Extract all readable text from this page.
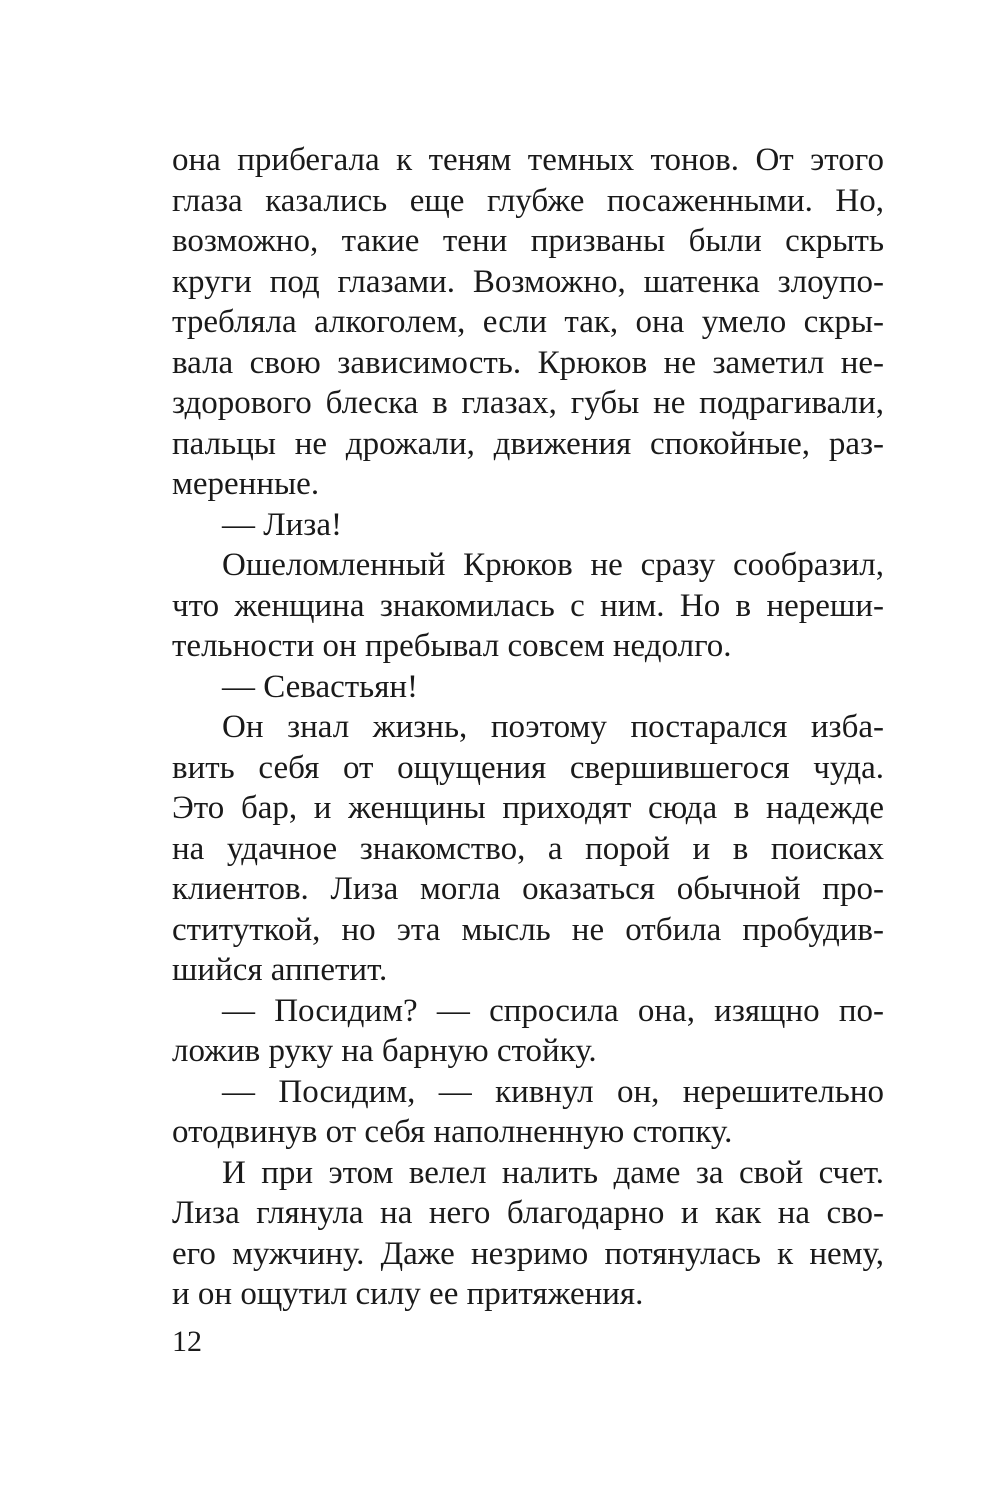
она прибегала к теням темных тонов. От этого
глаза казались еще глубже посаженными. Но,
возможно, такие тени призваны были скрыть
круги под глазами. Возможно, шатенка злоупо-
требляла алкоголем, если так, она умело скры-
вала свою зависимость. Крюков не заметил не-
здорового блеска в глазах, губы не подрагивали,
пальцы не дрожали, движения спокойные, раз-
меренные.
— Лиза!
Ошеломленный Крюков не сразу сообразил,
что женщина знакомилась с ним. Но в нереши-
тельности он пребывал совсем недолго.
— Севастьян!
Он знал жизнь, поэтому постарался изба-
вить себя от ощущения свершившегося чуда.
Это бар, и женщины приходят сюда в надежде
на удачное знакомство, а порой и в поисках
клиентов. Лиза могла оказаться обычной про-
ституткой, но эта мысль не отбила пробудив-
шийся аппетит.
— Посидим? — спросила она, изящно по-
ложив руку на барную стойку.
— Посидим, — кивнул он, нерешительно
отодвинув от себя наполненную стопку.
И при этом велел налить даме за свой счет.
Лиза глянула на него благодарно и как на сво-
его мужчину. Даже незримо потянулась к нему,
и он ощутил силу ее притяжения.
12
